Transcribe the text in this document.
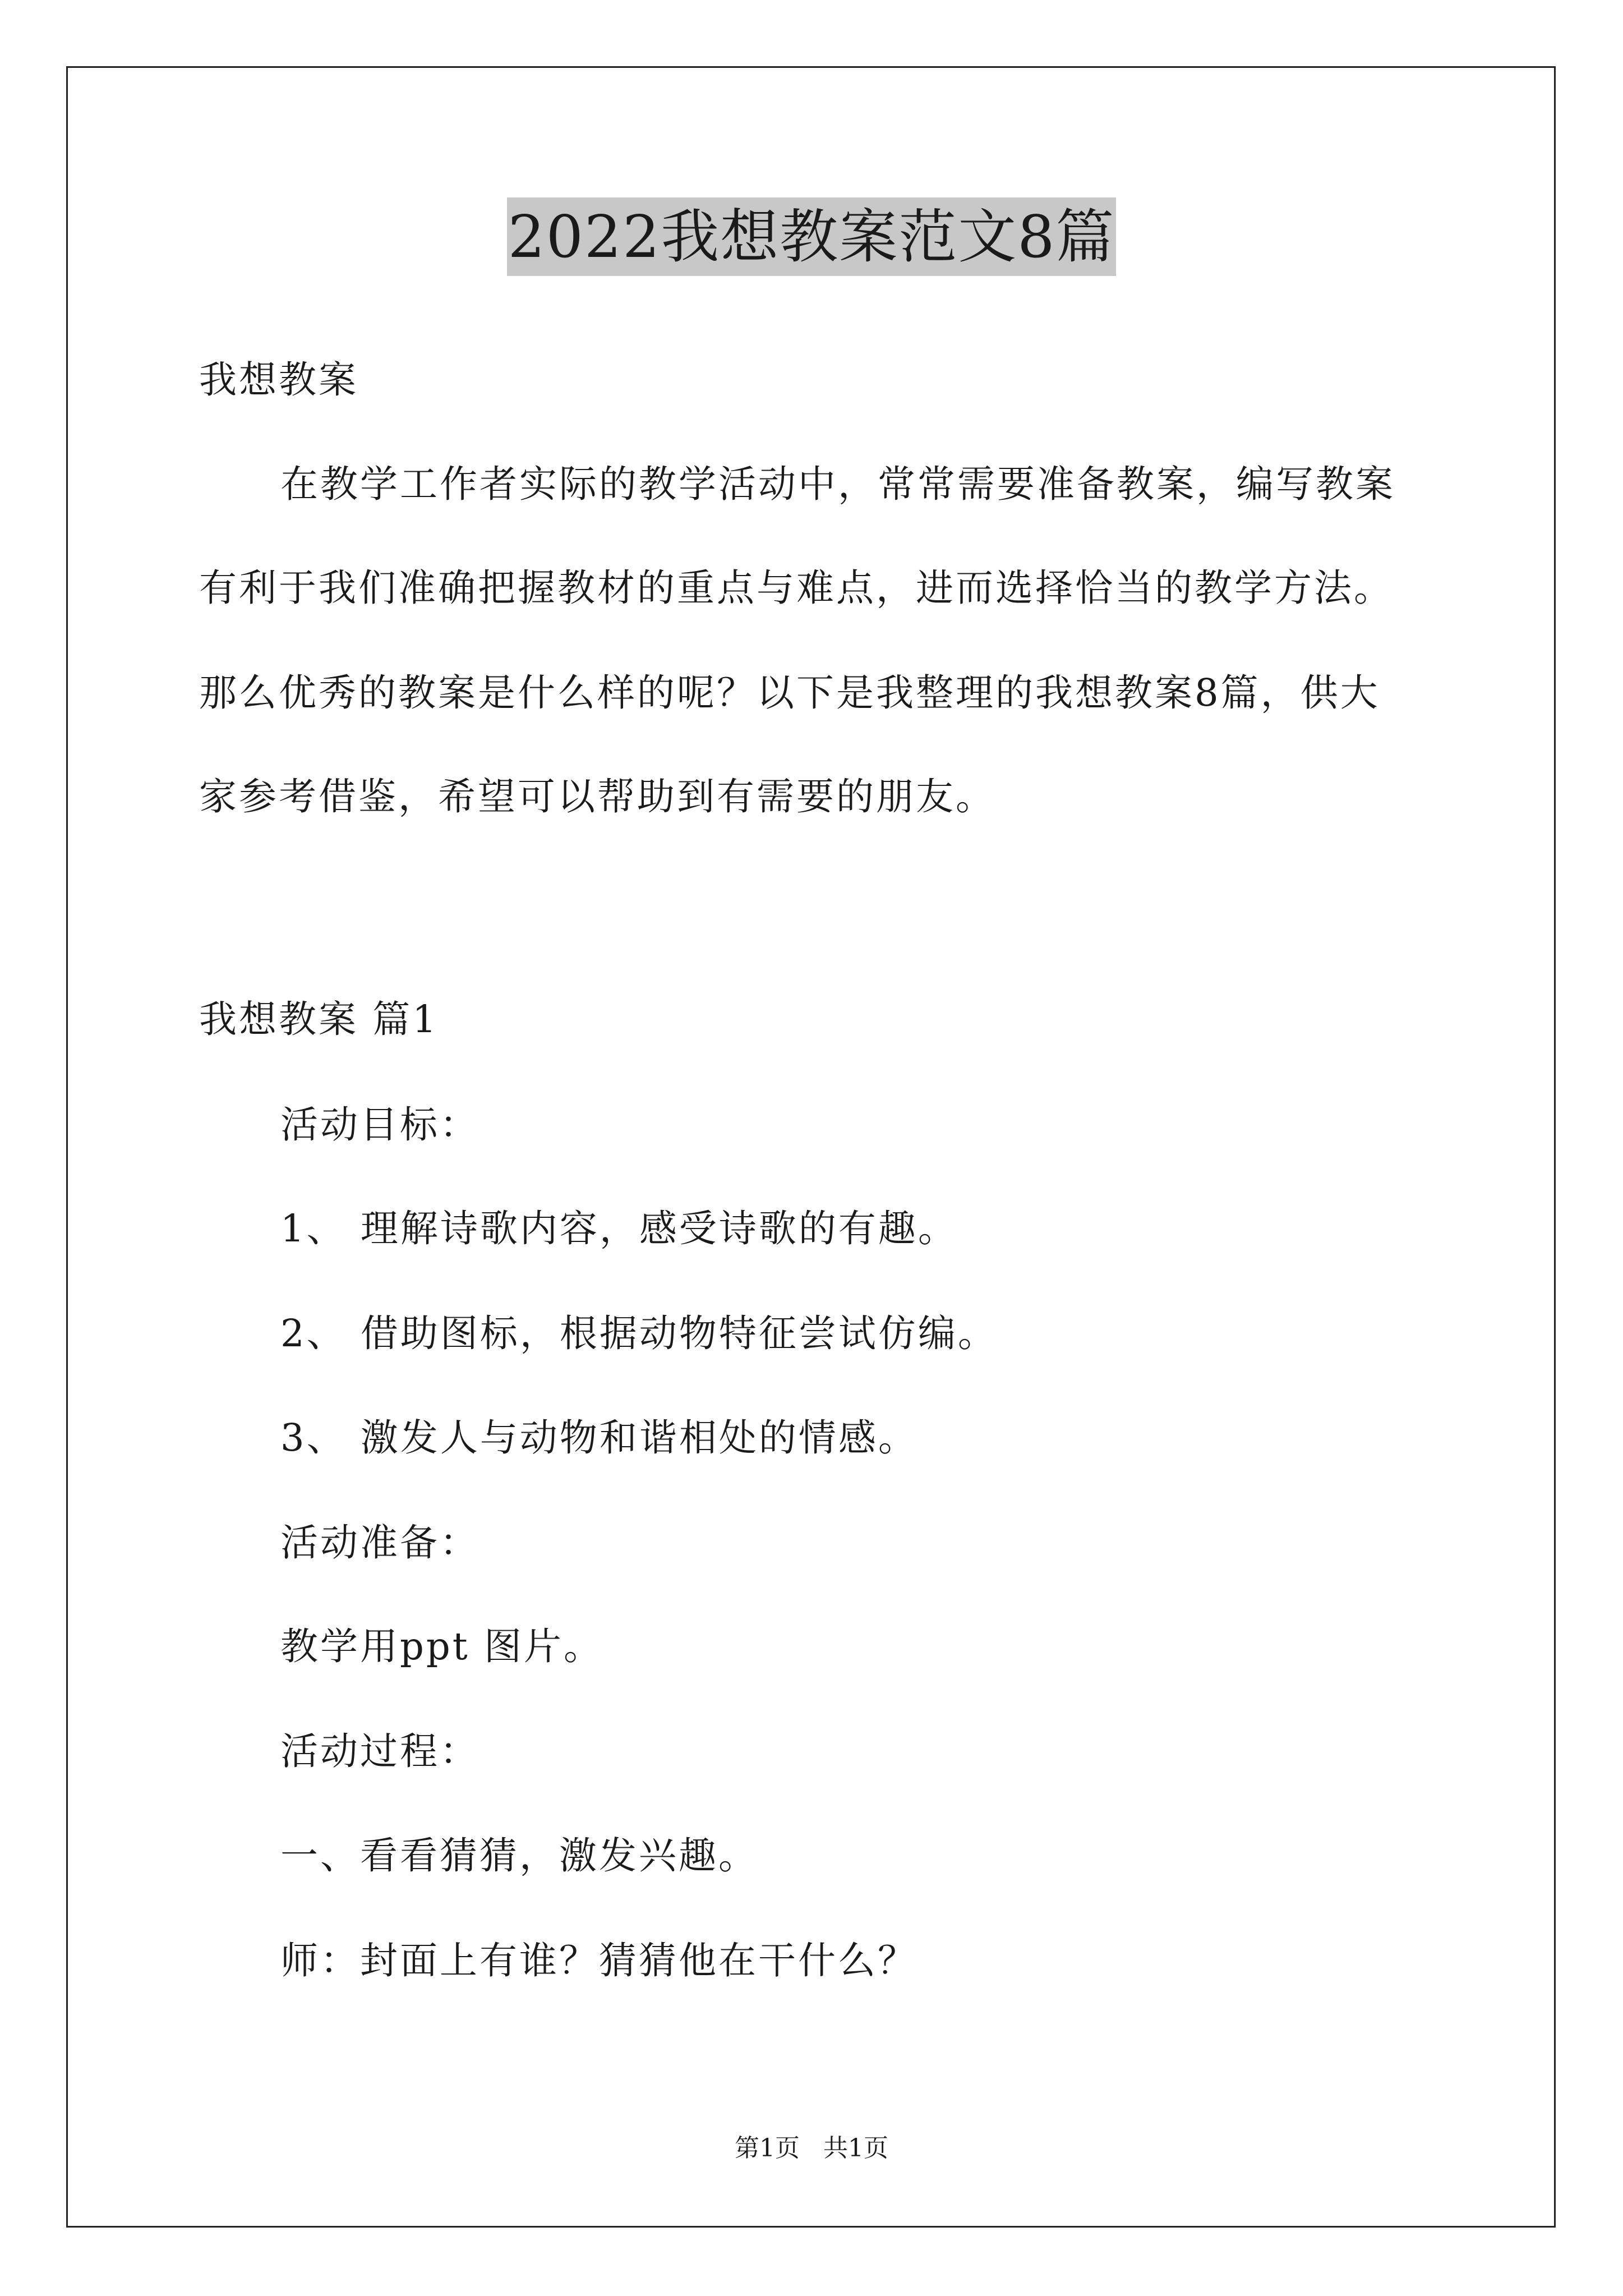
2022我想教案范文8篇
我想教案
在教学工作者实际的教学活动中，常常需要准备教案，编写教案
有利于我们准确把握教材的重点与难点，进而选择恰当的教学方法。
那么优秀的教案是什么样的呢？以下是我整理的我想教案8篇，供大
家参考借鉴，希望可以帮助到有需要的朋友。
我想教案 篇1
活动目标：
1、 理解诗歌内容，感受诗歌的有趣。
2、 借助图标，根据动物特征尝试仿编。
3、 激发人与动物和谐相处的情感。
活动准备：
教学用ppt 图片。
活动过程：
一、看看猜猜，激发兴趣。
师：封面上有谁？猜猜他在干什么？
第1页   共1页
